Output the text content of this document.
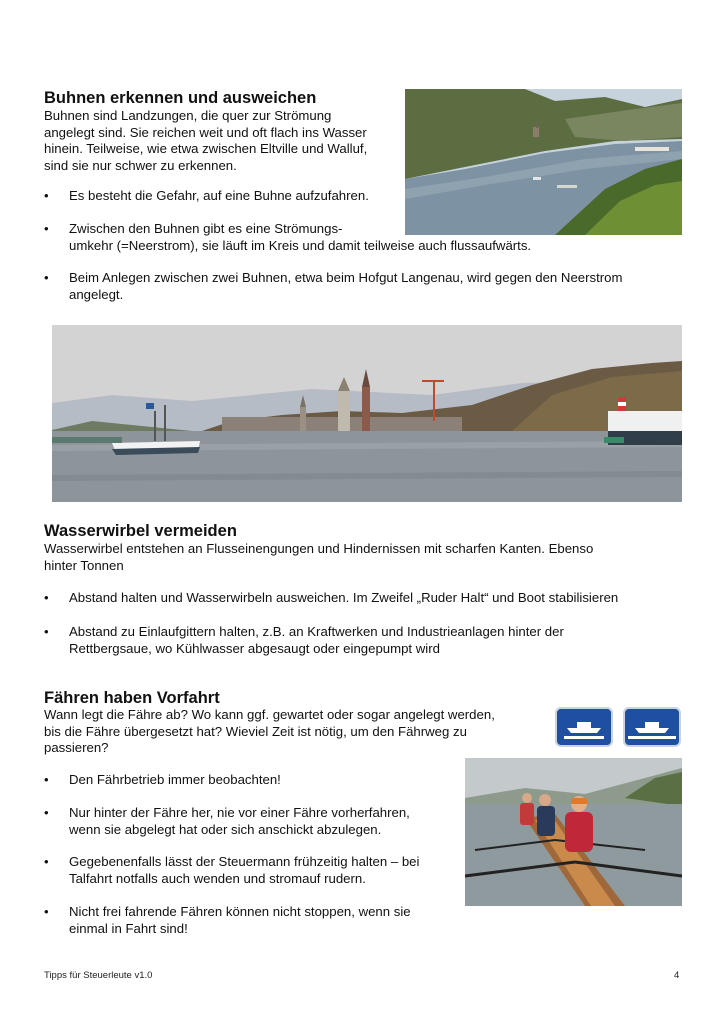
Buhnen erkennen und ausweichen

Buhnen sind Landzungen, die quer zur Strömung

angelegt sind. Sie reichen weit und oft flach ins Wasser

hinein. Teilweise, wie etwa zwischen Eltville und Walluf,

sind sie nur schwer zu erkennen.

• Es besteht die Gefahr, auf eine Buhne aufzufahren.
• Zwischen den Buhnen gibt es eine Strömungs-
umkehr (=Neerstrom), sie läuft im Kreis und damit teilweise auch flussaufwärts.
• Beim Anlegen zwischen zwei Buhnen, etwa beim Hofgut Langenau, wird gegen den Neerstrom
angelegt.
Wasserwirbel vermeiden

Wasserwirbel entstehen an Flusseinengungen und Hindernissen mit scharfen Kanten. Ebenso

hinter Tonnen

• Abstand halten und Wasserwirbeln ausweichen. Im Zweifel „Ruder Halt“ und Boot stabilisieren
• Abstand zu Einlaufgittern halten, z.B. an Kraftwerken und Industrieanlagen hinter der
Rettbergsaue, wo Kühlwasser abgesaugt oder eingepumpt wird
Fähren haben Vorfahrt

Wann legt die Fähre ab? Wo kann ggf. gewartet oder sogar angelegt werden,

bis die Fähre übergesetzt hat? Wieviel Zeit ist nötig, um den Fährweg zu

passieren?

• Den Fährbetrieb immer beobachten!
• Nur hinter der Fähre her, nie vor einer Fähre vorherfahren,
wenn sie abgelegt hat oder sich anschickt abzulegen.
• Gegebenenfalls lässt der Steuermann frühzeitig halten – bei
Talfahrt notfalls auch wenden und stromauf rudern.
• Nicht frei fahrende Fähren können nicht stoppen, wenn sie
einmal in Fahrt sind!
Tipps für Steuerleute v1.0	4
